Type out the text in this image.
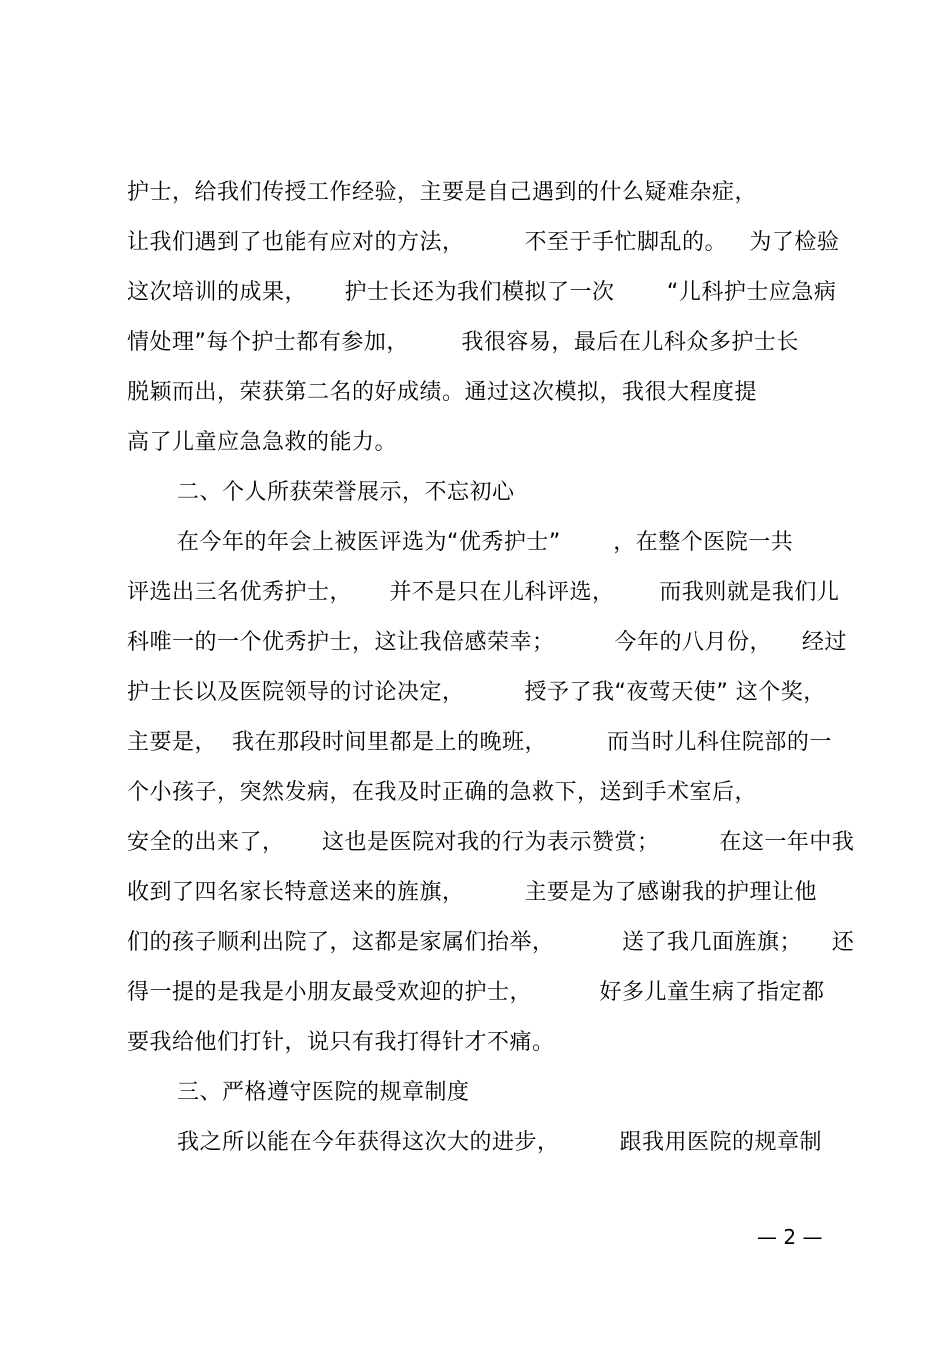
护士，给我们传授工作经验，主要是自己遇到的什么疑难杂症，
让我们遇到了也能有应对的方法，        不至于手忙脚乱的。   为了检验
这次培训的成果，     护士长还为我们模拟了一次       “儿科护士应急病
情处理”每个护士都有参加，       我很容易，最后在儿科众多护士长
脱颖而出，荣获第二名的好成绩。通过这次模拟，我很大程度提
高了儿童应急急救的能力。
二、个人所获荣誉展示，不忘初心
在今年的年会上被医评选为“优秀护士”       ，在整个医院一共
评选出三名优秀护士，     并不是只在儿科评选，      而我则就是我们儿
科唯一的一个优秀护士，这让我倍感荣幸；        今年的八月份，    经过
护士长以及医院领导的讨论决定，        授予了我“夜莺天使” 这个奖，
主要是，  我在那段时间里都是上的晚班，        而当时儿科住院部的一
个小孩子，突然发病，在我及时正确的急救下，送到手术室后，
安全的出来了，     这也是医院对我的行为表示赞赏；        在这一年中我
收到了四名家长特意送来的旌旗，        主要是为了感谢我的护理让他
们的孩子顺利出院了，这都是家属们抬举，         送了我几面旌旗；    还
得一提的是我是小朋友最受欢迎的护士，         好多儿童生病了指定都
要我给他们打针，说只有我打得针才不痛。
三、严格遵守医院的规章制度
我之所以能在今年获得这次大的进步，        跟我用医院的规章制
— 2 —
